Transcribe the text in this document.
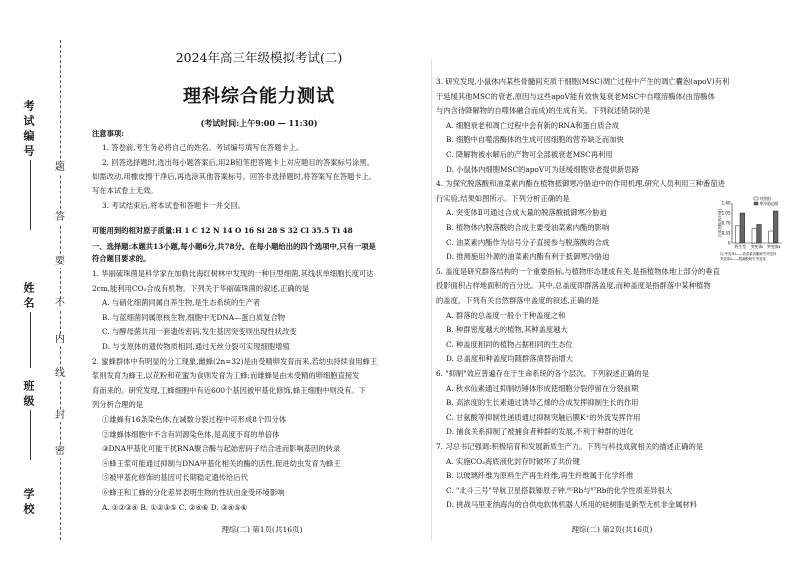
题
答
要
不
内
线
封
密
考试编号
姓名
班级
学校
2024年高三年级模拟考试(二)
理科综合能力测试
(考试时间:上午9:00 — 11:30)
注意事项:
1. 答卷前,考生务必将自己的姓名、考试编号填写在答题卡上。
2. 回答选择题时,选出每小题答案后,用2B铅笔把答题卡上对应题目的答案标号涂黑。
如需改动,用橡皮擦干净后,再选涂其他答案标号。回答非选择题时,将答案写在答题卡上,
写在本试卷上无效。
3. 考试结束后,将本试卷和答题卡一并交回。
可能用到的相对原子质量:H 1 C 12 N 14 O 16 Si 28 S 32 Cl 35.5 Ti 48
一、选择题:本题共13小题,每小题6分,共78分。在每小题给出的四个选项中,只有一项是
符合题目要求的。
1. 华丽硫珠菌是科学家在加勒比海红树林中发现的一种巨型细菌,其线状单细胞长度可达
2cm,能利用CO₂合成有机物。下列关于华丽硫珠菌的叙述,正确的是
A. 与硝化细菌同属自养生物,是生态系统的生产者
B. 与蓝细菌同属原核生物,细胞中无DNA—蛋白质复合物
C. 与酵母菌共用一套遗传密码,发生基因突变则出现性状改变
D. 与支原体的遗传物质相同,通过无丝分裂可实现细胞增殖
2. 蜜蜂群体中有明显的分工现象,雌蜂(2n=32)是由受精卵发育而来,若幼虫持续食用蜂王
浆则发育为蜂王,以花粉和花蜜为食则发育为工蜂;而雄蜂是由未受精的卵细胞直接发
育而来的。研究发现,工蜂细胞中有近600个基因被甲基化修饰,蜂王细胞中则没有。下
列分析合理的是
①雄蜂有16条染色体,在减数分裂过程中可形成8个四分体
②雄蜂体细胞中不含有同源染色体,是高度不育的单倍体
③DNA甲基化可能干扰RNA聚合酶与起始密码子结合进而影响基因的转录
④蜂王浆可能通过抑制与DNA甲基化相关的酶的活性,促进幼虫发育为蜂王
⑤被甲基化修饰的基因可长期稳定遗传给后代
⑥蜂王和工蜂的分化差异表明生物的性状由金受环境影响
A. ①②③④ B. ①②③⑤ C. ②④⑥ D. ③④⑤⑥
理综(二) 第1页(共16页)
3. 研究发现,小鼠体内某些骨髓间充质干细胞(MSC)凋亡过程中产生的凋亡囊泡(apoV)有利
于延缓其他MSC的衰老,原因与这些apoV能有效恢复衰老MSC中自噬溶酶体(由溶酶体
与内含待降解物的自噬体融合而成)的生成有关。下列叙述错误的是
A. 细胞衰老和凋亡过程中会有新的RNA和蛋白质合成
B. 细胞中自噬溶酶体的生成可因细胞的营养缺乏而加快
C. 降解物被水解后的产物可全部被衰老MSC再利用
D. 小鼠体内细胞MSC的apoV可为延缓细胞衰老提供新思路
4. 为探究脱落酸和油菜素内酯在植物抵御寒冷胁迫中的作用机理,研究人员利用三种番茄进
行实验,结果如图所示。下列分析正确的是
A. 突变体Ⅱ可通过合成大量的脱落酸抵御寒冷胁迫
B. 植物体内脱落酸的合成主要受油菜素内酯的影响
C. 油菜素内酯作为信号分子直接参与脱落酸的合成
D. 推测施用外源的油菜素内酯有利于抵御寒冷胁迫
5. 盖度是研究群落结构的一个重要指标,与植物形态建成有关,是指植物体地上部分的垂直
投影面积占样地面积的百分比。其中,总盖度即群落盖度,而种盖度是指群落中某种植物
的盖度。下列有关自然群落中盖度的叙述,正确的是
A. 群落的总盖度一般小于种盖度之和
B. 种群密度越大的植物,其种盖度越大
C. 种盖度相同的植物占据相同的生态位
D. 总盖度和种盖度均随群落演替而增大
6. "抑制"效应普遍存在于生命系统的各个层次。下列叙述正确的是
A. 秋水仙素通过抑制纺锤体形成使细胞分裂停留在分裂前期
B. 高浓度的生长素通过诱导乙烯的合成发挥抑制生长的作用
C. 甘氨酸等抑制性递质通过抑制突触后膜K⁺的外流发挥作用
D. 捕食关系抑制了被捕食者种群的发展,不利于种群的进化
7. 习总书记强调:积极培育和发展新质生产力。下列与科技成就相关的描述正确的是
A. 实施CO₂海底液化封存时破坏了共价键
B. 以玻璃纤维为原料生产再生纤维,再生纤维属于化学纤维
C. "北斗三号"导航卫星搭载铷原子钟,⁸⁵Rb与⁸⁷Rb的化学性质差异很大
D. 挑战马里亚纳海沟的自供电软体机器人所用的硅树脂是新型无机非金属材料
0
0.35
0.70
1.05
1.40
抗寒指数(相对值)
野生型 突变体Ⅰ 突变体Ⅱ
对照组
寒冷胁迫组
注:突变体Ⅰ——油菜素内酯缺失突变体
突变体Ⅱ——脱落酸缺失突变体
理综(二) 第2页(共16页)
